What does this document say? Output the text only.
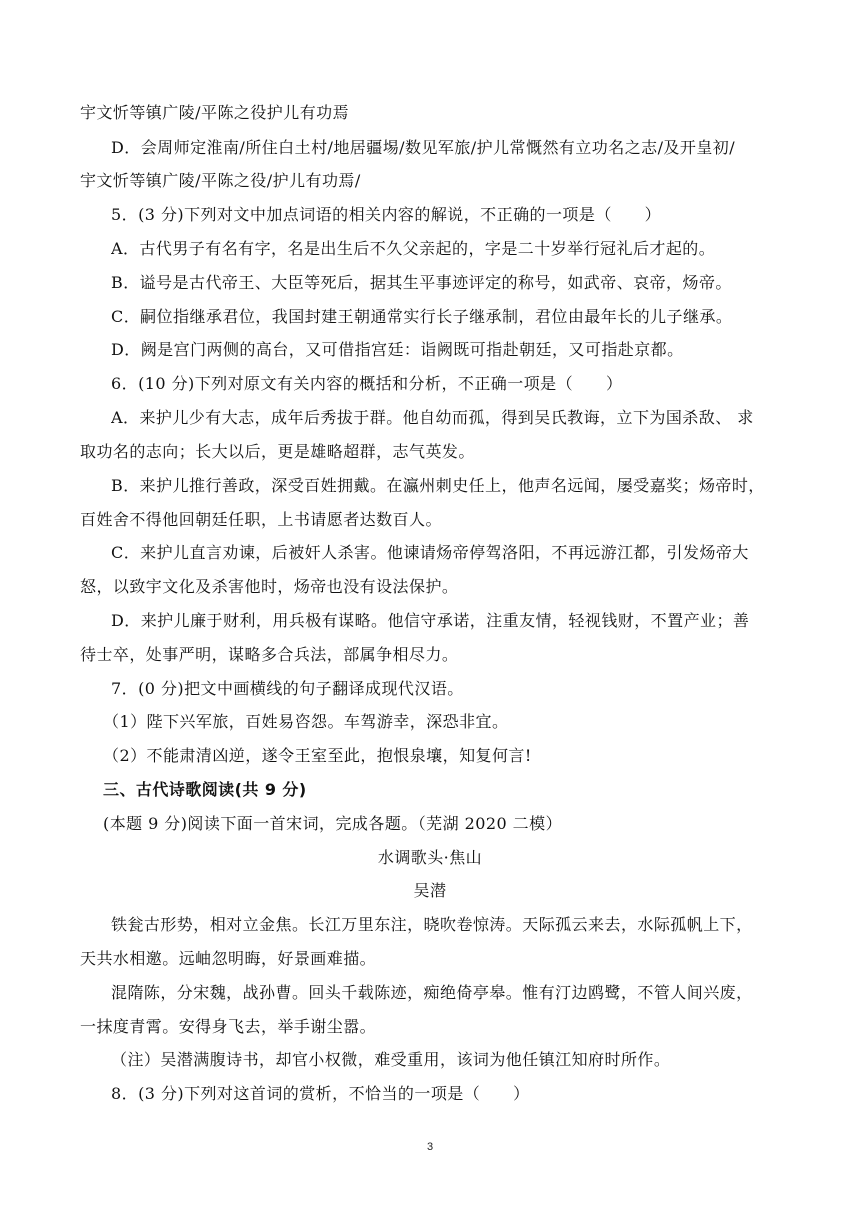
宇文忻等镇广陵/平陈之役护儿有功焉
D．会周师定淮南/所住白土村/地居疆埸/数见军旅/护儿常慨然有立功名之志/及开皇初/
宇文忻等镇广陵/平陈之役/护儿有功焉/
5．(3 分)下列对文中加点词语的相关内容的解说，不正确的一项是（　　）
A．古代男子有名有字，名是出生后不久父亲起的，字是二十岁举行冠礼后才起的。
B．谥号是古代帝王、大臣等死后，据其生平事迹评定的称号，如武帝、哀帝，炀帝。
C．嗣位指继承君位，我国封建王朝通常实行长子继承制，君位由最年长的儿子继承。
D．阙是宫门两侧的高台，又可借指宫廷：诣阙既可指赴朝廷，又可指赴京都。
6．(10 分)下列对原文有关内容的概括和分析，不正确一项是（　　）
A．来护儿少有大志，成年后秀拔于群。他自幼而孤，得到吴氏教诲，立下为国杀敌、 求
取功名的志向；长大以后，更是雄略超群，志气英发。
B．来护儿推行善政，深受百姓拥戴。在瀛州刺史任上，他声名远闻，屡受嘉奖；炀帝时，
百姓舍不得他回朝廷任职，上书请愿者达数百人。
C．来护儿直言劝谏，后被奸人杀害。他谏请炀帝停驾洛阳，不再远游江都，引发炀帝大
怒，以致宇文化及杀害他时，炀帝也没有设法保护。
D．来护儿廉于财利，用兵极有谋略。他信守承诺，注重友情，轻视钱财，不置产业；善
待士卒，处事严明，谋略多合兵法，部属争相尽力。
7．(0 分)把文中画横线的句子翻译成现代汉语。
（1）陛下兴军旅，百姓易咨怨。车驾游幸，深恐非宜。
（2）不能肃清凶逆，遂令王室至此，抱恨泉壤，知复何言!
三、古代诗歌阅读(共 9 分)
(本题 9 分)阅读下面一首宋词，完成各题。（芜湖 2020 二模）
水调歌头·焦山
吴潜
铁瓮古形势，相对立金焦。长江万里东注，晓吹卷惊涛。天际孤云来去，水际孤帆上下，
天共水相邀。远岫忽明晦，好景画难描。
混隋陈，分宋魏，战孙曹。回头千载陈迹，痴绝倚亭皋。惟有汀边鸥鹭，不管人间兴废，
一抹度青霄。安得身飞去，举手谢尘嚣。
（注）吴潜满腹诗书，却官小权微，难受重用，该词为他任镇江知府时所作。
8．(3 分)下列对这首词的赏析，不恰当的一项是（　　）
3
